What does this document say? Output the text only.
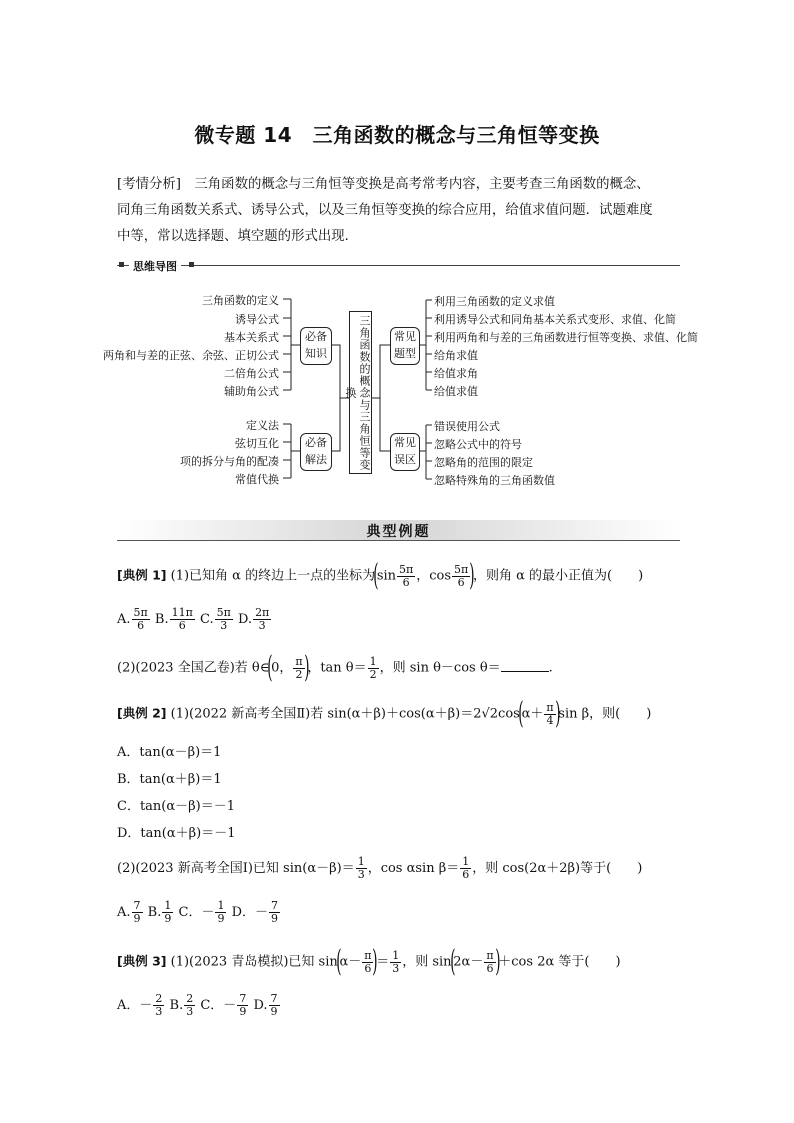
微专题 14　三角函数的概念与三角恒等变换
[考情分析]　 三角函数的概念与三角恒等变换是高考常考内容，主要考查三角函数的概念、
同角三角函数关系式、诱导公式，以及三角恒等变换的综合应用，给值求值问题．试题难度
中等，常以选择题、填空题的形式出现．
思维导图
三角函数的定义
诱导公式
基本关系式
两角和与差的正弦、余弦、正切公式
二倍角公式
辅助角公式
定义法
弦切互化
项的拆分与角的配凑
常值代换
必备知识
必备解法	三角函数的概念与三角恒等变换
常见题型
常见误区
利用三角函数的定义求值
利用诱导公式和同角基本关系式变形、求值、化简
利用两角和与差的三角函数进行恒等变换、求值、化简
给角求值
给值求角
给值求值
错误使用公式
忽略公式中的符号
忽略角的范围的限定
忽略特殊角的三角函数值
典型例题
[典例 1] (1)已知角 α 的终边上一点的坐标为($\sin \frac{5\pi}{6}$ ，$\cos \frac{5\pi}{6}$ )，则角 α 的最小正值为(　　)
A. $\frac{5\pi}{6} B$. $\frac{11\pi}{6} C$. $\frac{5\pi}{3} D$. $\frac{2\pi}{3}$
(2)(2023 全国乙卷)若 θ∈(0， $\frac{\pi}{2}$ )，$\tan \theta= \frac{1}{2}$ ，则 sin θ－cos θ＝	.
[典例 2] (1)(2022 新高考全国Ⅱ)若 $\sin(\alpha+\beta)+\cos(\alpha+\beta)=2√2\cos(\alpha+ \frac{\pi}{4} )\sin$ β，则(　　)
A．tan(α－β)＝1
B．tan(α＋β)＝1
C．tan(α－β)＝－1
D．tan(α＋β)＝－1
(2)(2023 新高考全国Ⅰ)已知 $\sin(\alpha-\beta)= \frac{1}{3}$ ，cos αsin $\beta= \frac{1}{6}$ ，则 cos(2α＋2β)等于(　　)
A. $\frac{7}{9} B$. $\frac{1}{9}$ C．－ $\frac{1}{9}$ D．－ $\frac{7}{9}$
[典例 3] (1)(2023 青岛模拟)已知 $\sin(\alpha- \frac{\pi}{6}$ )＝ $\frac{1}{3}$ ，则 $\sin(2\alpha- \frac{\pi}{6} )+\cos$ 2α 等于(　　)
A．－ $\frac{2}{3} B$. $\frac{2}{3}$ C．－ $\frac{7}{9} D$. $\frac{7}{9}$
